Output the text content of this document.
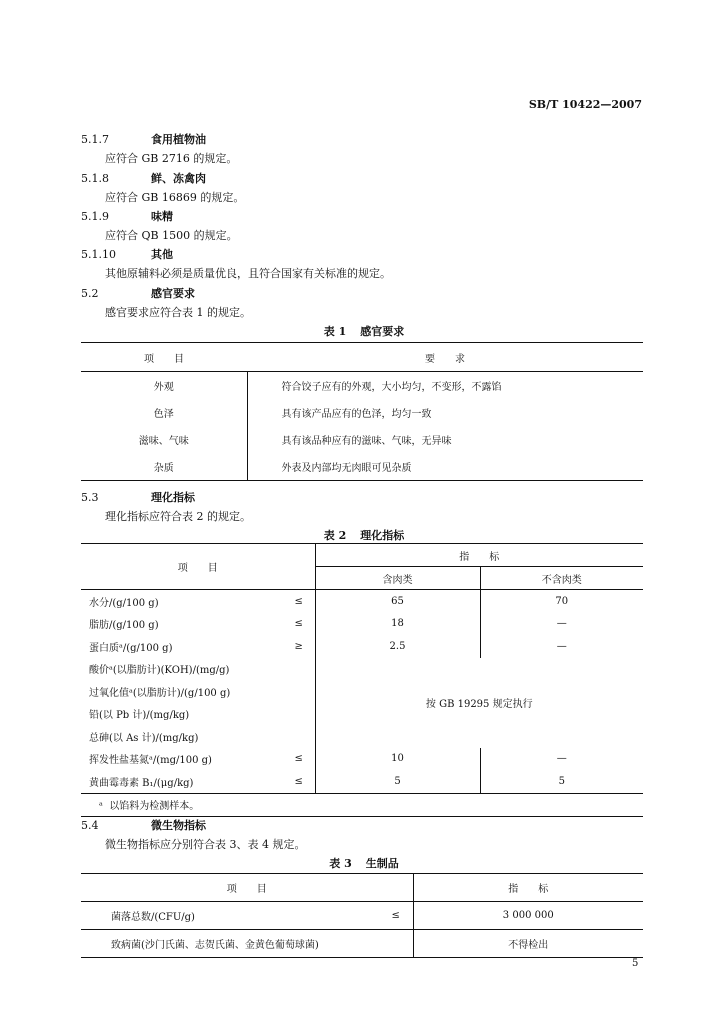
SB/T 10422—2007
5.1.7	食用植物油
应符合 GB 2716 的规定。
5.1.8	鲜、冻禽肉
应符合 GB 16869 的规定。
5.1.9	味精
应符合 QB 1500 的规定。
5.1.10	其他
其他原辅料必须是质量优良，且符合国家有关标准的规定。
5.2	感官要求
感官要求应符合表 1 的规定。
表 1 感官要求
项　　目	要　　求
外观	符合饺子应有的外观，大小均匀，不变形，不露馅
色泽	具有该产品应有的色泽，均匀一致
滋味、气味	具有该品种应有的滋味、气味，无异味
杂质	外表及内部均无肉眼可见杂质
5.3	理化指标
理化指标应符合表 2 的规定。
表 2 理化指标
项　　目		指　　标	
		含肉类	不含肉类
水分/(g/100 g)	≤	65	70
脂肪/(g/100 g)	≤	18	—
蛋白质ᵃ/(g/100 g)	≥	2.5	—
酸价ᵃ(以脂肪计)(KOH)/(mg/g)		按 GB 19295 规定执行	
过氧化值ᵃ(以脂肪计)/(g/100 g)			
铅(以 Pb 计)/(mg/kg)			
总砷(以 As 计)/(mg/kg)			
挥发性盐基氮ᵃ/(mg/100 g)	≤	10	—
黄曲霉毒素 B₁/(μg/kg)	≤	5	5
ᵃ 以馅料为检测样本。			
5.4	微生物指标
微生物指标应分别符合表 3、表 4 规定。
表 3 生制品
项　　目		指　　标
菌落总数/(CFU/g)	≤	3 000 000
致病菌(沙门氏菌、志贺氏菌、金黄色葡萄球菌)		不得检出
5
